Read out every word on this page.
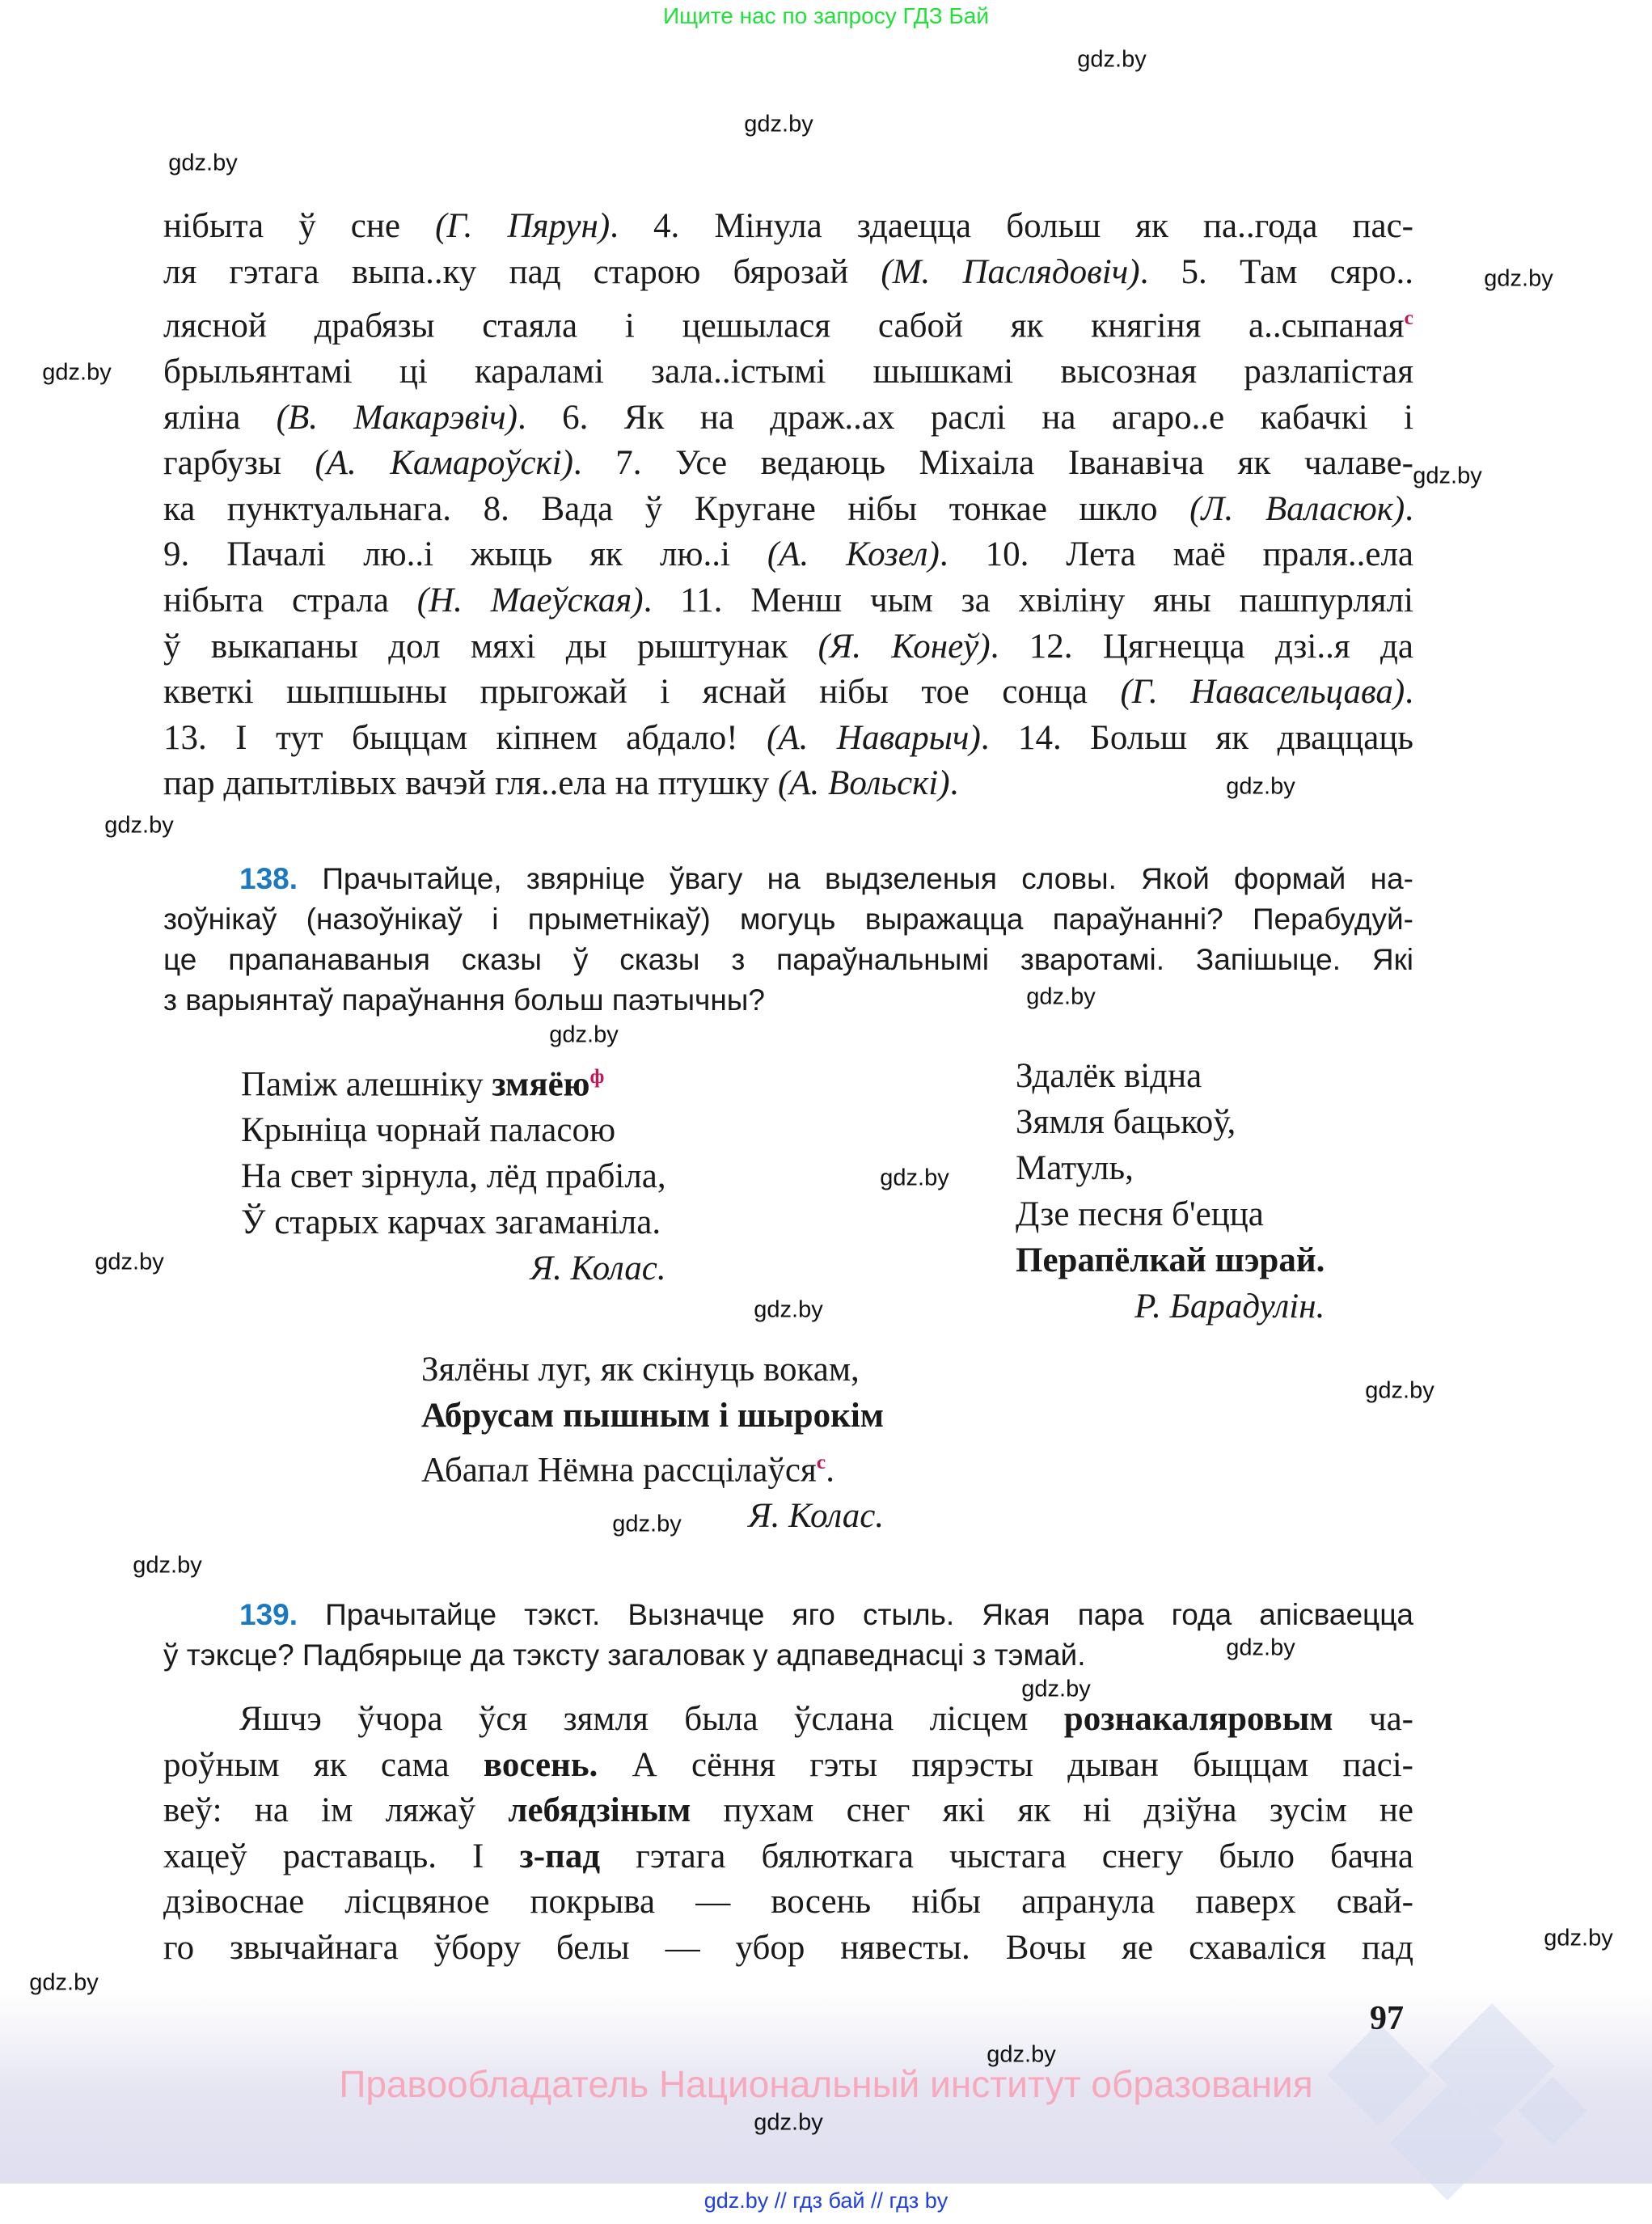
Ищите нас по запросу ГДЗ Бай
нібыта ў сне (Г. Пярун). 4. Мінула здаецца больш як па..года пас-
ля гэтага выпа..ку пад старою бярозай (М. Паслядовіч). 5. Там сяро..
лясной драбязы стаяла і цешылася сабой як княгіня а..сыпаная$^с$
брыльянтамі ці караламі зала..істымі шышкамі высозная разлапістая
яліна (В. Макарэвіч). 6. Як на драж..ах раслі на агаро..е кабачкі і
гарбузы (А. Камароўскі). 7. Усе ведаюць Міхаіла Іванавіча як чалаве-
ка пунктуальнага. 8. Вада ў Кругане нібы тонкае шкло (Л. Валасюк).
9. Пачалі лю..і жыць як лю..і (А. Козел). 10. Лета маё праля..ела
нібыта страла (Н. Маеўская). 11. Менш чым за хвіліну яны пашпурлялі
ў выкапаны дол мяхі ды рыштунак (Я. Конеў). 12. Цягнецца дзі..я да
кветкі шыпшыны прыгожай і яснай нібы тое сонца (Г. Навасельцава).
13. І тут быццам кіпнем абдало! (А. Наварыч). 14. Больш як дваццаць
пар дапытлівых вачэй гля..ела на птушку (А. Вольскі).
138. Прачытайце, звярніце ўвагу на выдзеленыя словы. Якой формай на-
зоўнікаў (назоўнікаў і прыметнікаў) могуць выражацца параўнанні? Перабудуй-
це прапанаваныя сказы ў сказы з параўнальнымі зваротамі. Запішыце. Які
з варыянтаў параўнання больш паэтычны?
Паміж алешніку змяёю$^ф$
Крыніца чорнай паласою
На свет зірнула, лёд прабіла,
Ў старых карчах загаманіла.
Я. Колас.
Здалёк відна
Зямля бацькоў,
Матуль,
Дзе песня б'ецца
Перапёлкай шэрай.
Р. Барадулін.
Зялёны луг, як скінуць вокам,
Абрусам пышным і шырокім
Абапал Нёмна рассцілаўся$^с$.
Я. Колас.
139. Прачытайце тэкст. Вызначце яго стыль. Якая пара года апісваецца
ў тэксце? Падбярыце да тэксту загаловак у адпаведнасці з тэмай.
Яшчэ ўчора ўся зямля была ўслана лісцем рознакаляровым ча-
роўным як сама восень. А сёння гэты пярэсты дыван быццам пасі-
веў: на ім ляжаў лебядзіным пухам снег які як ні дзіўна зусім не
хацеў раставаць. І з-пад гэтага бялюткага чыстага снегу было бачна
дзівоснае лісцвяное покрыва — восень нібы апранула паверх свай-
го звычайнага ўбору белы — убор нявесты. Вочы яе схаваліся пад
97
Правообладатель Национальный институт образования
gdz.by // гдз бай // гдз by
gdz.by
gdz.by
gdz.by
gdz.by
gdz.by
gdz.by
gdz.by
gdz.by
gdz.by
gdz.by
gdz.by
gdz.by
gdz.by
gdz.by
gdz.by
gdz.by
gdz.by
gdz.by
gdz.by
gdz.by
gdz.by
gdz.by
